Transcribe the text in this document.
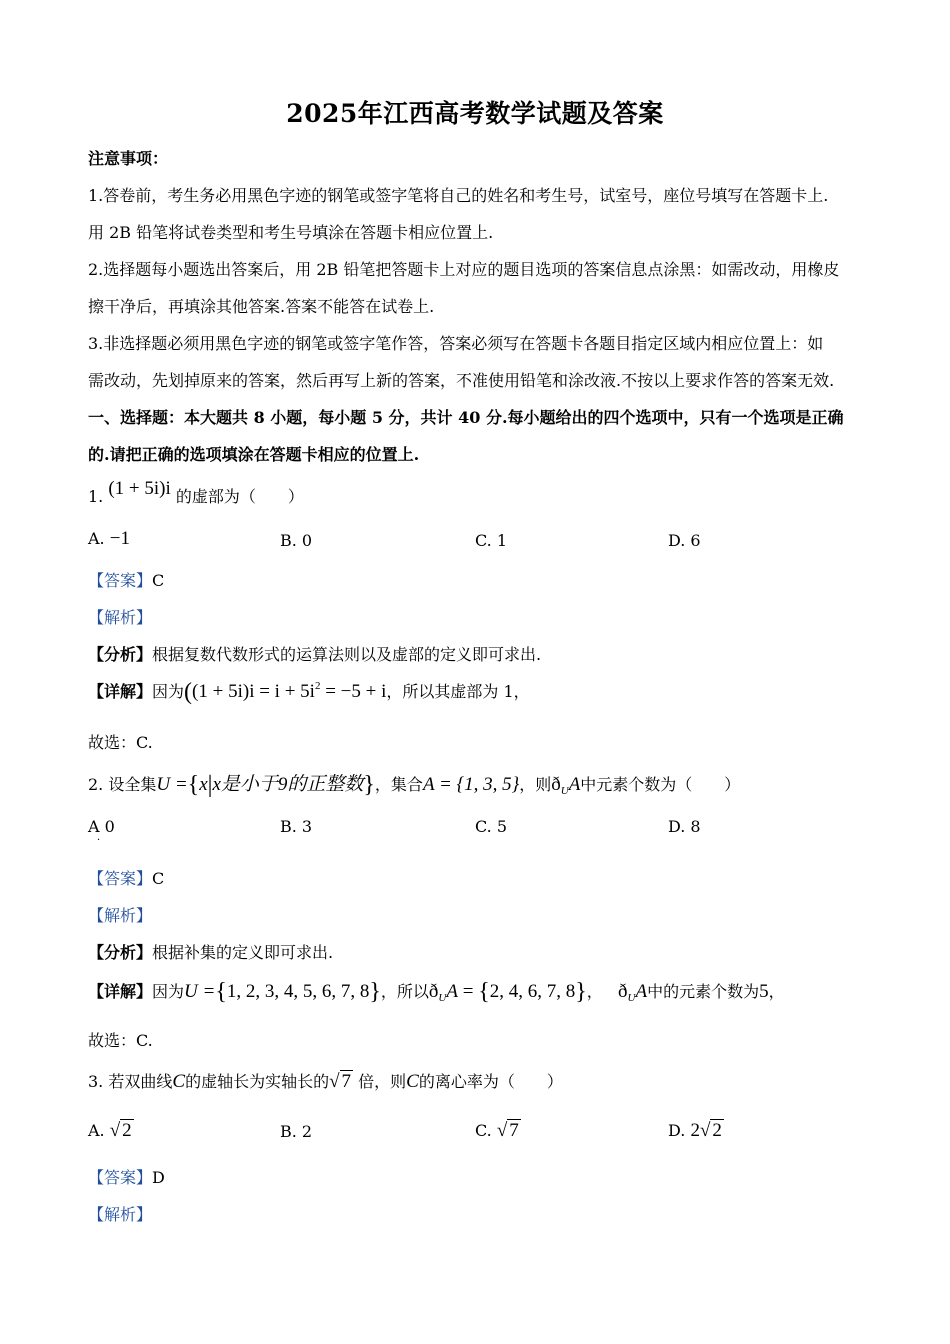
2025年江西高考数学试题及答案
注意事项：
1.答卷前，考生务必用黑色字迹的钢笔或签字笔将自己的姓名和考生号，试室号，座位号填写在答题卡上.
用 2B 铅笔将试卷类型和考生号填涂在答题卡相应位置上.
2.选择题每小题选出答案后，用 2B 铅笔把答题卡上对应的题目选项的答案信息点涂黑：如需改动，用橡皮
擦干净后，再填涂其他答案.答案不能答在试卷上.
3.非选择题必须用黑色字迹的钢笔或签字笔作答，答案必须写在答题卡各题目指定区域内相应位置上：如
需改动，先划掉原来的答案，然后再写上新的答案，不准使用铅笔和涂改液.不按以上要求作答的答案无效.
一、选择题：本大题共 8 小题，每小题 5 分，共计 40 分.每小题给出的四个选项中，只有一个选项是正确
的.请把正确的选项填涂在答题卡相应的位置上.
1. (1 + 5i)i 的虚部为（　　）
A. −1	B. 0	C. 1	D. 6
【答案】C
【解析】
【分析】根据复数代数形式的运算法则以及虚部的定义即可求出.
【详解】因为($(1 + 5i)i = i + 5i^2 = -5 + i$，所以其虚部为 1，
故选：C.
2. 设全集U ={x|x是小于9的正整数}，集合A = {1, 3, 5}，则$ð_UA$中元素个数为（　　）
A 0
·
B. 3	C. 5	D. 8
【答案】C
【解析】
【分析】根据补集的定义即可求出.
【详解】因为U ={1, 2, 3, 4, 5, 6, 7, 8}，所以$ð_UA = \{2$, 4, 6, 7, 8}， $ð_UA$中的元素个数为5，
故选：C.
3. 若双曲线C的虚轴长为实轴长的√ 7 倍，则C的离心率为（　　）
A. √ 2	B. 2	C. √ 7	D. 2√ 2
【答案】D
【解析】
